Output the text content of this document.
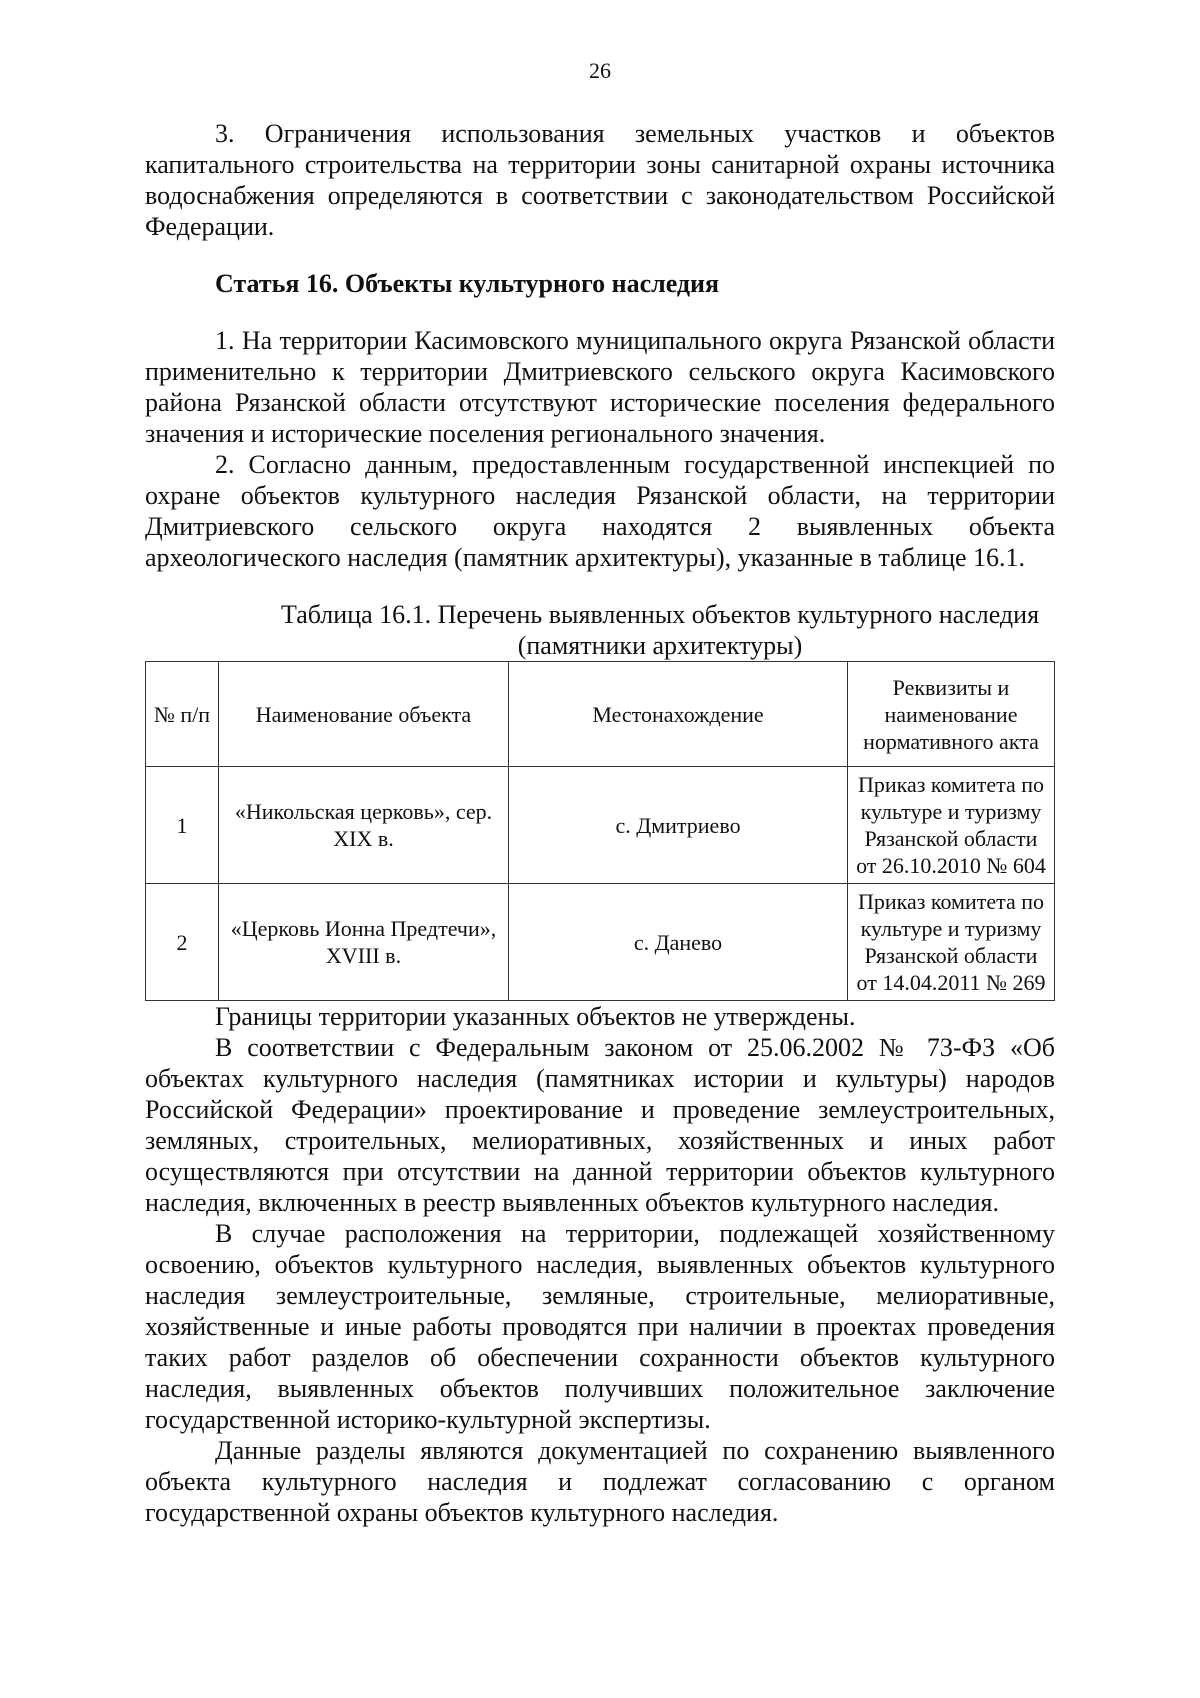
26

3. Ограничения использования земельных участков и объектов капитального строительства на территории зоны санитарной охраны источника водоснабжения определяются в соответствии с законодательством Российской Федерации.

Статья 16. Объекты культурного наследия

1. На территории Касимовского муниципального округа Рязанской области применительно к территории Дмитриевского сельского округа Касимовского района Рязанской области отсутствуют исторические поселения федерального значения и исторические поселения регионального значения.

2. Согласно данным, предоставленным государственной инспекцией по охране объектов культурного наследия Рязанской области, на территории Дмитриевского сельского округа находятся 2 выявленных объекта археологического наследия (памятник архитектуры), указанные в таблице 16.1.

Таблица 16.1. Перечень выявленных объектов культурного наследия
(памятники архитектуры)
№ п/п	Наименование объекта	Местонахождение	Реквизиты и наименование нормативного акта
1	«Никольская церковь», сер. XIX в.	с. Дмитриево	Приказ комитета по культуре и туризму Рязанской области от 26.10.2010 № 604
2	«Церковь Ионна Предтечи», XVIII в.	с. Данево	Приказ комитета по культуре и туризму Рязанской области от 14.04.2011 № 269

Границы территории указанных объектов не утверждены.

В соответствии с Федеральным законом от 25.06.2002 № 73-ФЗ «Об объектах культурного наследия (памятниках истории и культуры) народов Российской Федерации» проектирование и проведение землеустроительных, земляных, строительных, мелиоративных, хозяйственных и иных работ осуществляются при отсутствии на данной территории объектов культурного наследия, включенных в реестр выявленных объектов культурного наследия.

В случае расположения на территории, подлежащей хозяйственному освоению, объектов культурного наследия, выявленных объектов культурного наследия землеустроительные, земляные, строительные, мелиоративные, хозяйственные и иные работы проводятся при наличии в проектах проведения таких работ разделов об обеспечении сохранности объектов культурного наследия, выявленных объектов получивших положительное заключение государственной историко-культурной экспертизы.

Данные разделы являются документацией по сохранению выявленного объекта культурного наследия и подлежат согласованию с органом государственной охраны объектов культурного наследия.
